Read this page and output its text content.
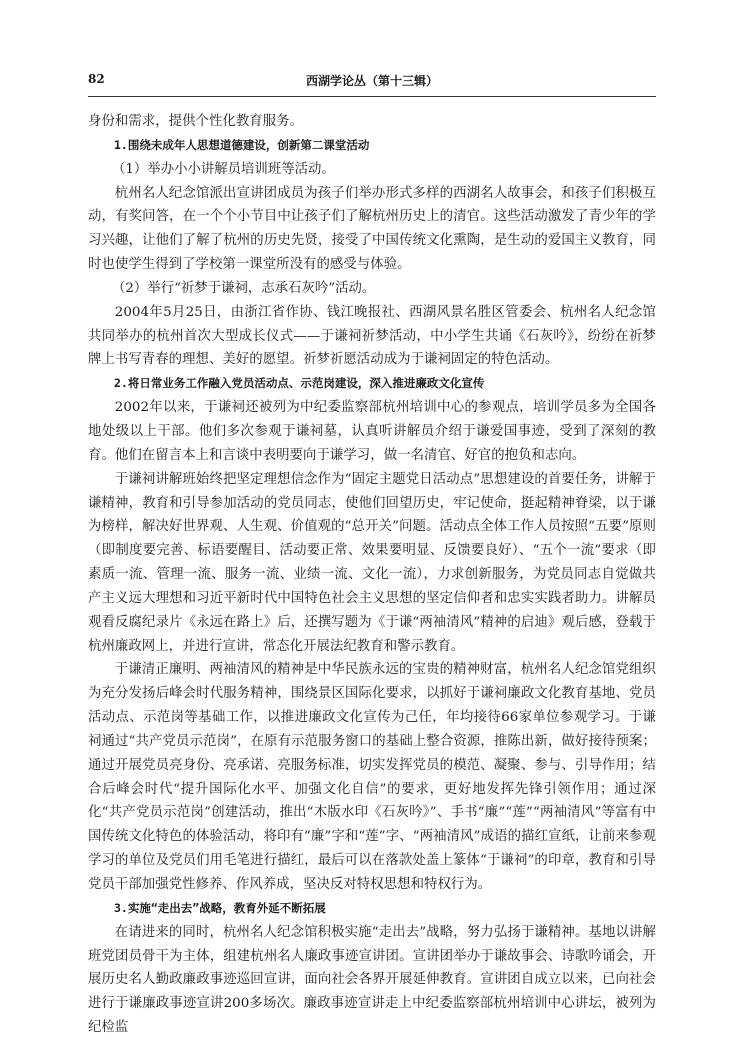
82	西湖学论丛（第十三辑）

身份和需求，提供个性化教育服务。

1.围绕未成年人思想道德建设，创新第二课堂活动

（1）举办小小讲解员培训班等活动。

杭州名人纪念馆派出宣讲团成员为孩子们举办形式多样的西湖名人故事会，和孩子们积极互动，有奖问答，在一个个小节目中让孩子们了解杭州历史上的清官。这些活动激发了青少年的学习兴趣，让他们了解了杭州的历史先贤，接受了中国传统文化熏陶，是生动的爱国主义教育，同时也使学生得到了学校第一课堂所没有的感受与体验。

（2）举行“祈梦于谦祠，志承石灰吟”活动。

2004年5月25日，由浙江省作协、钱江晚报社、西湖风景名胜区管委会、杭州名人纪念馆共同举办的杭州首次大型成长仪式——于谦祠祈梦活动，中小学生共诵《石灰吟》，纷纷在祈梦牌上书写青春的理想、美好的愿望。祈梦祈愿活动成为于谦祠固定的特色活动。

2.将日常业务工作融入党员活动点、示范岗建设，深入推进廉政文化宣传

2002年以来，于谦祠还被列为中纪委监察部杭州培训中心的参观点，培训学员多为全国各地处级以上干部。他们多次参观于谦祠墓，认真听讲解员介绍于谦爱国事迹，受到了深刻的教育。他们在留言本上和言谈中表明要向于谦学习，做一名清官、好官的抱负和志向。

于谦祠讲解班始终把坚定理想信念作为“固定主题党日活动点”思想建设的首要任务，讲解于谦精神，教育和引导参加活动的党员同志，使他们回望历史，牢记使命，挺起精神脊梁，以于谦为榜样，解决好世界观、人生观、价值观的“总开关”问题。活动点全体工作人员按照“五要”原则（即制度要完善、标语要醒目、活动要正常、效果要明显、反馈要良好）、“五个一流”要求（即素质一流、管理一流、服务一流、业绩一流、文化一流），力求创新服务，为党员同志自觉做共产主义远大理想和习近平新时代中国特色社会主义思想的坚定信仰者和忠实实践者助力。讲解员观看反腐纪录片《永远在路上》后，还撰写题为《于谦“两袖清风”精神的启迪》观后感，登载于杭州廉政网上，并进行宣讲，常态化开展法纪教育和警示教育。

于谦清正廉明、两袖清风的精神是中华民族永远的宝贵的精神财富，杭州名人纪念馆党组织为充分发扬后峰会时代服务精神，围绕景区国际化要求，以抓好于谦祠廉政文化教育基地、党员活动点、示范岗等基础工作，以推进廉政文化宣传为己任，年均接待66家单位参观学习。于谦祠通过“共产党员示范岗”，在原有示范服务窗口的基础上整合资源，推陈出新，做好接待预案；通过开展党员亮身份、亮承诺、亮服务标准，切实发挥党员的模范、凝聚、参与、引导作用；结合后峰会时代“提升国际化水平、加强文化自信”的要求，更好地发挥先锋引领作用；通过深化“共产党员示范岗”创建活动，推出“木版水印《石灰吟》”、手书“廉”“莲”“两袖清风”等富有中国传统文化特色的体验活动，将印有“廉”字和“莲”字、“两袖清风”成语的描红宣纸，让前来参观学习的单位及党员们用毛笔进行描红，最后可以在落款处盖上篆体“于谦祠”的印章，教育和引导党员干部加强党性修养、作风养成，坚决反对特权思想和特权行为。

3.实施“走出去”战略，教育外延不断拓展

在请进来的同时，杭州名人纪念馆积极实施“走出去”战略，努力弘扬于谦精神。基地以讲解班党团员骨干为主体，组建杭州名人廉政事迹宣讲团。宣讲团举办于谦故事会、诗歌吟诵会，开展历史名人勤政廉政事迹巡回宣讲，面向社会各界开展延伸教育。宣讲团自成立以来，已向社会进行于谦廉政事迹宣讲200多场次。廉政事迹宣讲走上中纪委监察部杭州培训中心讲坛，被列为纪检监
